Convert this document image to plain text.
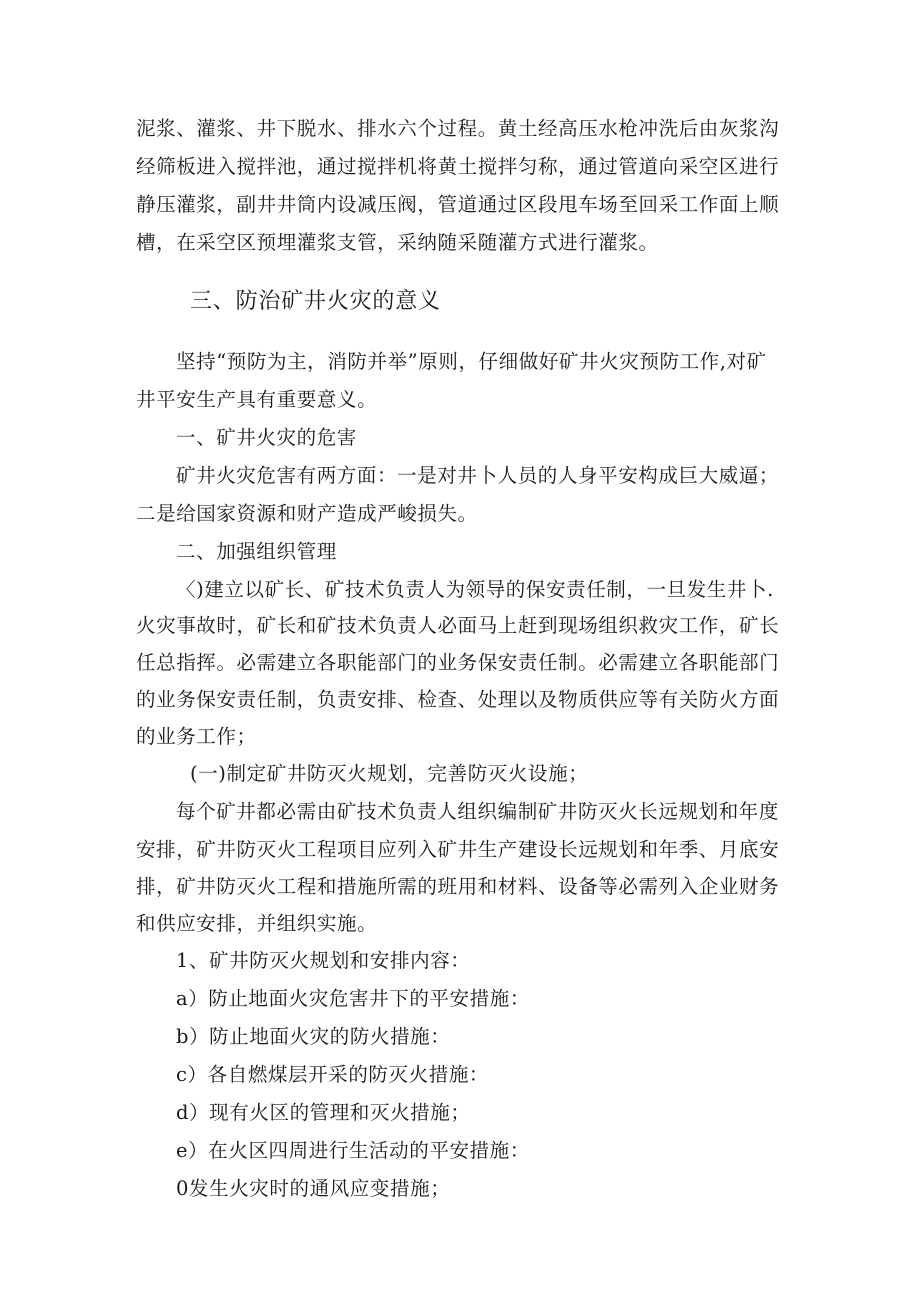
泥浆、灌浆、井下脱水、排水六个过程。黄土经高压水枪冲洗后由灰浆沟
经筛板进入搅拌池，通过搅拌机将黄土搅拌匀称，通过管道向采空区进行
静压灌浆，副井井筒内设减压阀，管道通过区段甩车场至回采工作面上顺
槽，在采空区预埋灌浆支管，采纳随采随灌方式进行灌浆。
三、防治矿井火灾的意义
坚持“预防为主，消防并举”原则，仔细做好矿井火灾预防工作,对矿
井平安生产具有重要意义。
一、矿井火灾的危害
矿井火灾危害有两方面：一是对井卜人员的人身平安构成巨大威逼；
二是给国家资源和财产造成严峻损失。
二、加强组织管理
〈)建立以矿长、矿技术负责人为领导的保安责任制，一旦发生井卜.
火灾事故时，矿长和矿技术负责人必面马上赶到现场组织救灾工作，矿长
任总指挥。必需建立各职能部门的业务保安责任制。必需建立各职能部门
的业务保安责任制，负责安排、检查、处理以及物质供应等有关防火方面
的业务工作；
(一)制定矿井防灭火规划，完善防灭火设施；
每个矿井都必需由矿技术负责人组织编制矿井防灭火长远规划和年度
安排，矿井防灭火工程项目应列入矿井生产建设长远规划和年季、月底安
排，矿井防灭火工程和措施所需的班用和材料、设备等必需列入企业财务
和供应安排，并组织实施。
1、矿井防灭火规划和安排内容：
a）防止地面火灾危害井下的平安措施：
b）防止地面火灾的防火措施：
c）各自燃煤层开采的防灭火措施：
d）现有火区的管理和灭火措施；
e）在火区四周进行生活动的平安措施：
0发生火灾时的通风应变措施；
